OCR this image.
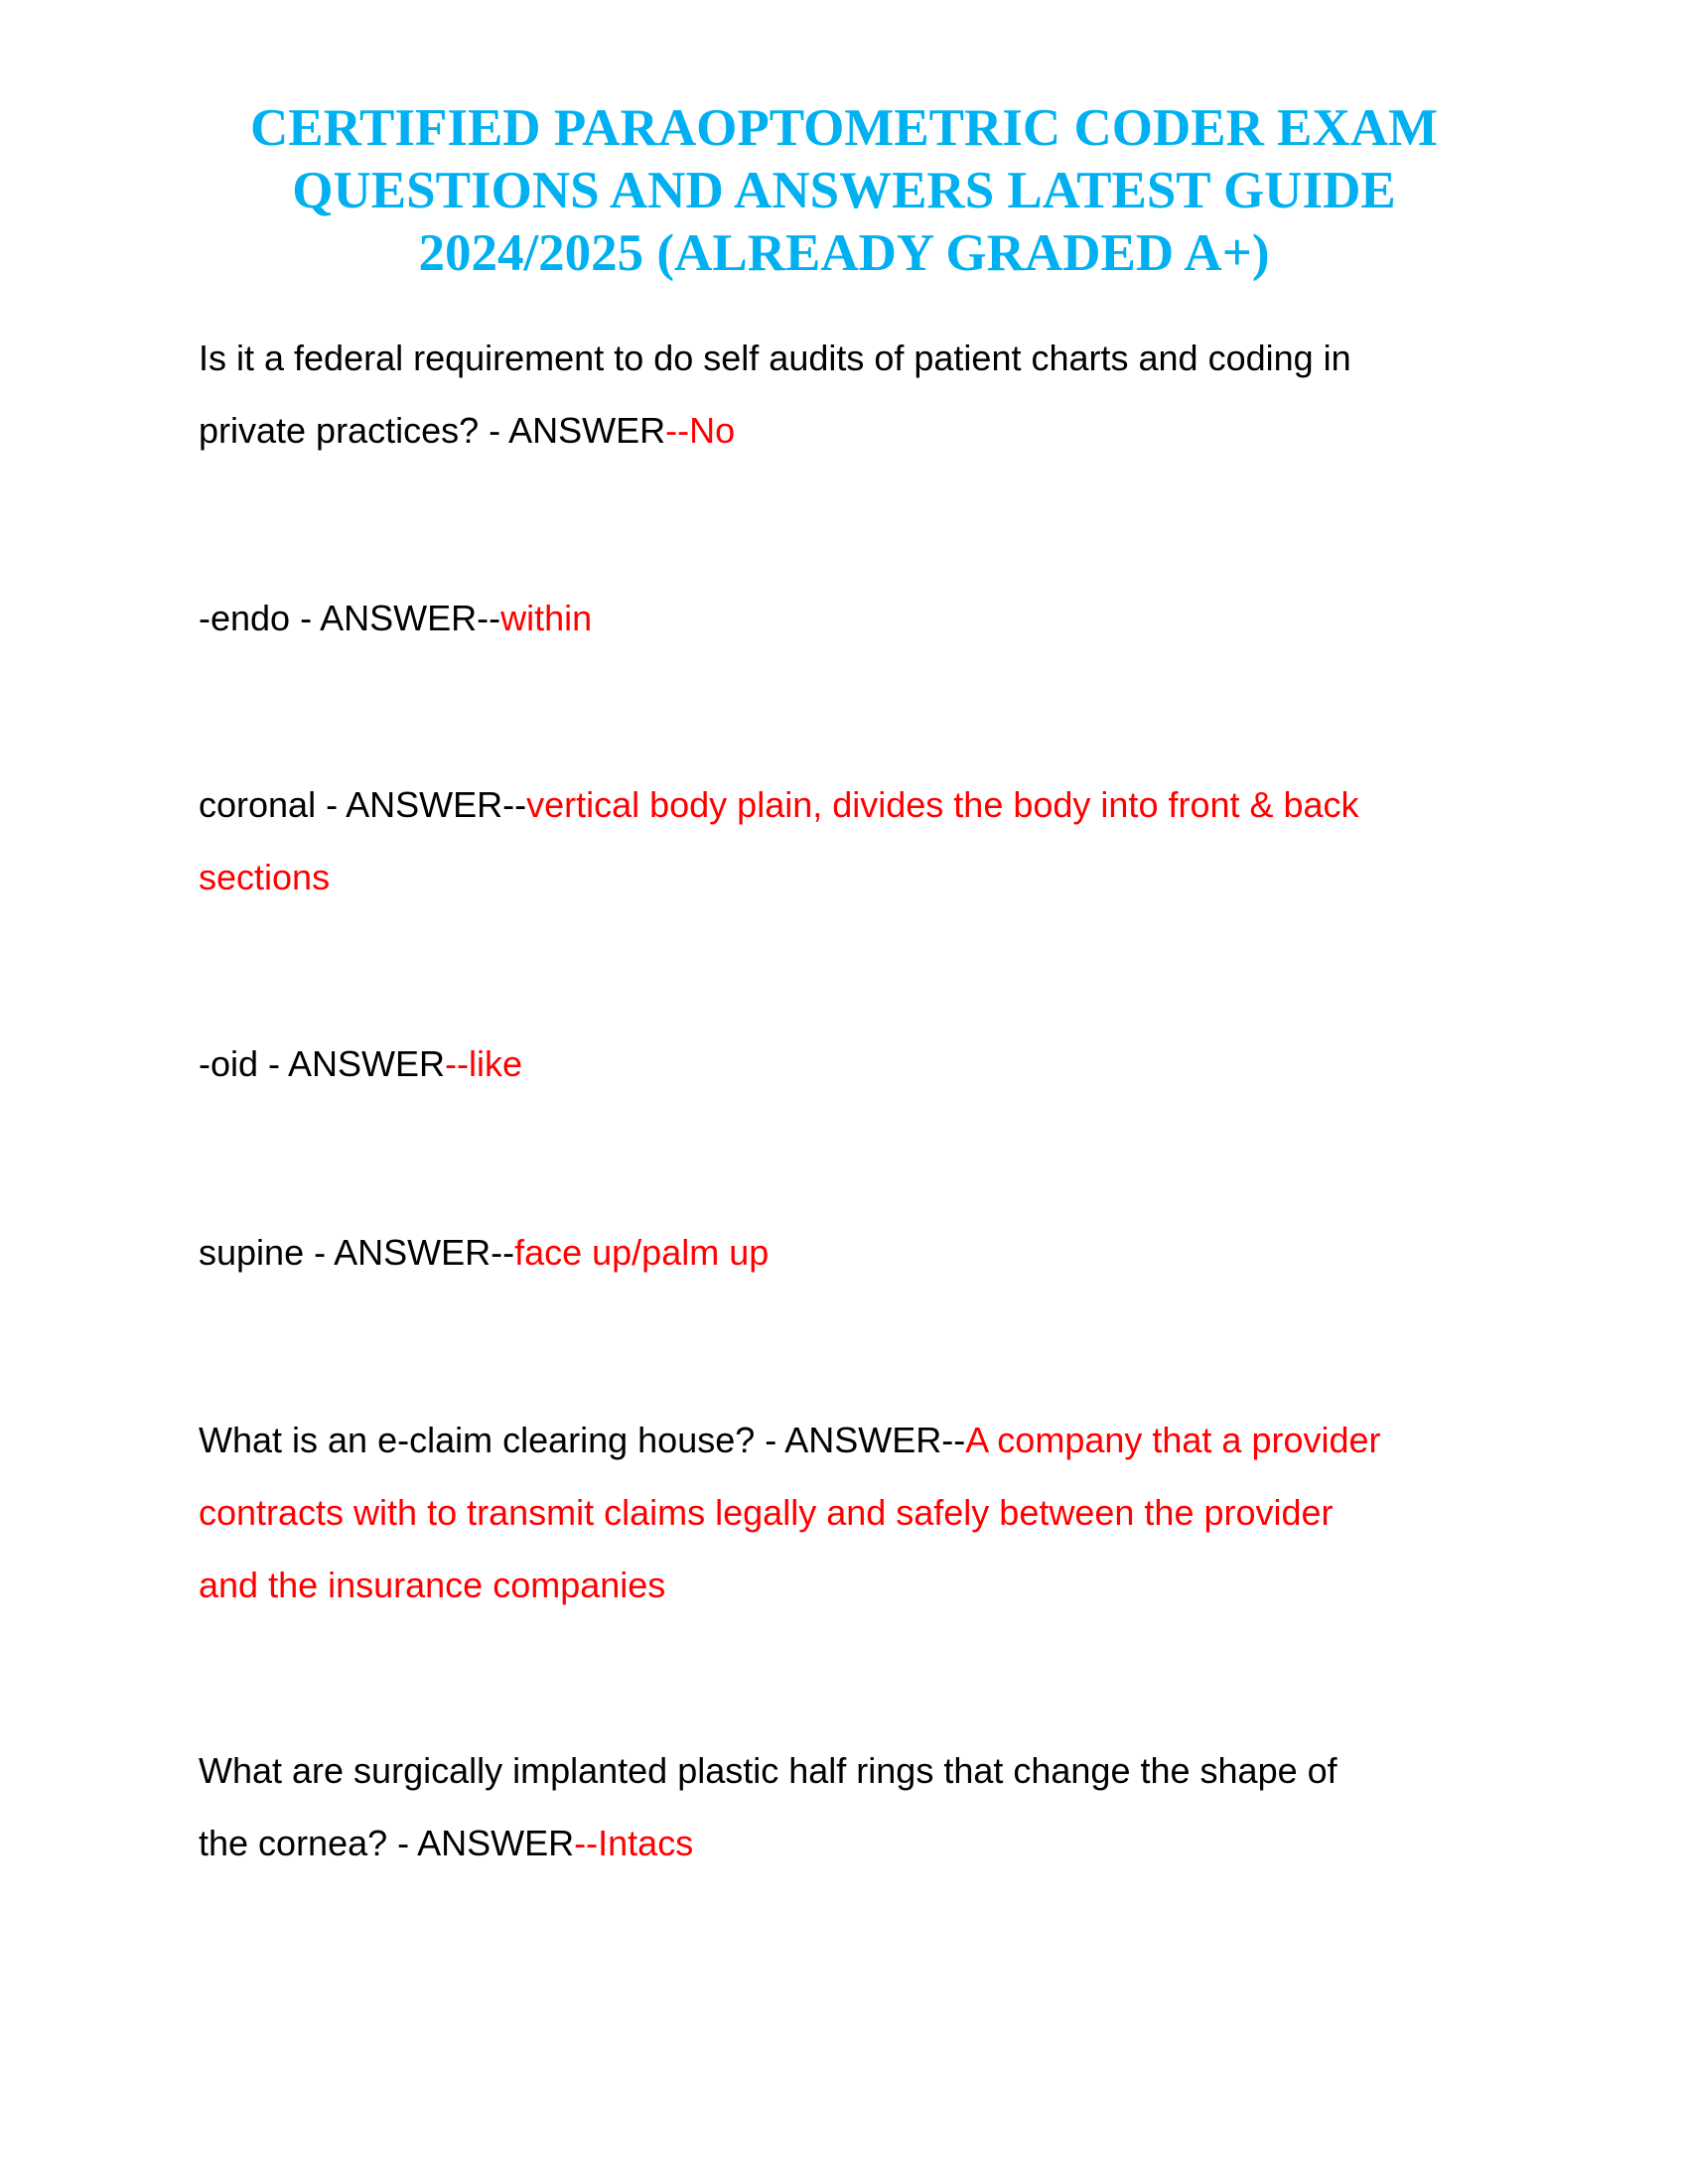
CERTIFIED PARAOPTOMETRIC CODER EXAM
QUESTIONS AND ANSWERS LATEST GUIDE
2024/2025 (ALREADY GRADED A+)
Is it a federal requirement to do self audits of patient charts and coding in
private practices? - ANSWER--No
-endo - ANSWER--within
coronal - ANSWER--vertical body plain, divides the body into front & back
sections
-oid - ANSWER--like
supine - ANSWER--face up/palm up
What is an e-claim clearing house? - ANSWER--A company that a provider
contracts with to transmit claims legally and safely between the provider
and the insurance companies
What are surgically implanted plastic half rings that change the shape of
the cornea? - ANSWER--Intacs
